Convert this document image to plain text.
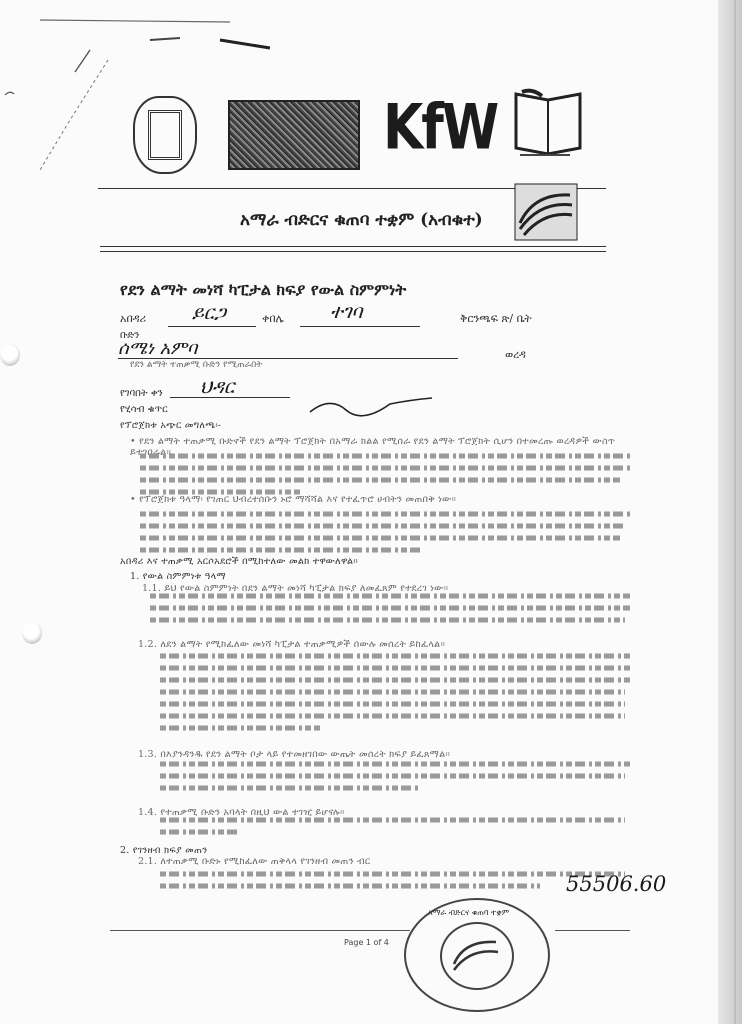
KfW
አማራ ብድርና ቁጠባ ተቋም (አብቁተ)
የደን ልማት መነሻ ካፒታል ክፍያ የውል ስምምነት
አበዳሪ ይርጋ	ቀበሌ ተገባ	ቅርንጫፍ ጽ/ ቤት
ቡድን
ሰሜነ አምባ	ወረዳ
የደን ልማት ተጠቃሚ ቡድን የሚጠራበት
የገባበት ቀን ህዳር
የሂሳብ ቁጥር
የፕሮጀክቱ አጭር መግለጫ፡-
• የደን ልማት ተጠቃሚ ቡድኖች የደን ልማት ፕሮጀክት በአማራ ክልል የሚሰራ የደን ልማት ፕሮጀክት ሲሆን በተመረጡ ወረዳዎች ውስጥ ይተገበራል።
• የፕሮጀክቱ ዓላማ፡ የገጠር ህብረተሰቡን ኑሮ ማሻሻል እና የተፈጥሮ ሀብትን መጠበቅ ነው።
አበዳሪ እና ተጠቃሚ አርሶአደሮች በሚከተለው መልክ ተዋውለዋል።
1. የውል ስምምነቱ ዓላማ
1.1. ይህ የውል ስምምነት በደን ልማት መነሻ ካፒታል ክፍያ ለመፈጸም የተደረገ ነው።
1.2. ለደን ልማት የሚከፈለው መነሻ ካፒታል ተጠቃሚዎች በውሉ መሰረት ይከፈላል።
1.3. በእያንዳንዱ የደን ልማት ቦታ ላይ የተመዘገበው ውጤት መሰረት ክፍያ ይፈጸማል።
1.4. የተጠቃሚ ቡድን አባላት በዚህ ውል ተገዢ ይሆናሉ።
2. የገንዘብ ክፍያ መጠን
2.1. ለተጠቃሚ ቡድኑ የሚከፈለው ጠቅላላ የገንዘብ መጠን ብር
55506.60
Page 1 of 4
አማራ ብድርና ቁጠባ ተቋም
